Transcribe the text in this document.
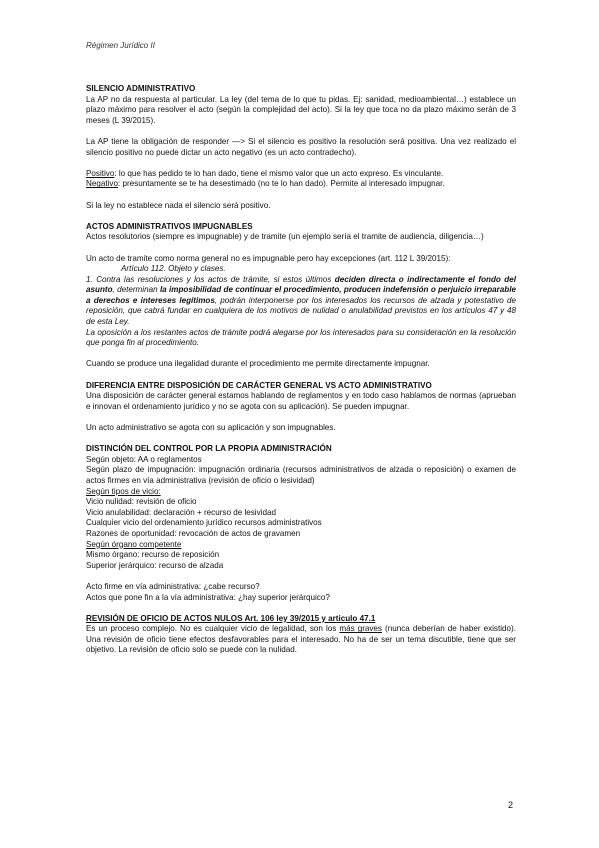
Régimen Jurídico II

SILENCIO ADMINISTRATIVO

La AP no da respuesta al particular. La ley (del tema de lo que tu pidas. Ej: sanidad, medioambiental…) establece un plazo máximo para resolver el acto (según la complejidad del acto). Si la ley que toca no da plazo máximo serán de 3 meses (L 39/2015).

La AP tiene la obligación de responder —> Si el silencio es positivo la resolución será positiva. Una vez realizado el silencio positivo no puede dictar un acto negativo (es un acto contradecho).

Positivo: lo que has pedido te lo han dado, tiene el mismo valor que un acto expreso. Es vinculante.

Negativo: presuntamente se te ha desestimado (no te lo han dado). Permite al interesado impugnar.

Si la ley no establece nada el silencio será positivo.

ACTOS ADMINISTRATIVOS IMPUGNABLES

Actos resolutorios (siempre es impugnable) y de tramite (un ejemplo sería el tramite de audiencia, diligencia…)

Un acto de tramite como norma general no es impugnable pero hay excepciones (art. 112 L 39/2015):

Artículo 112. Objeto y clases.

1. Contra las resoluciones y los actos de trámite, si estos últimos deciden directa o indirectamente el fondo del asunto, determinan la imposibilidad de continuar el procedimiento, producen indefensión o perjuicio irreparable a derechos e intereses legítimos, podrán interponerse por los interesados los recursos de alzada y potestativo de reposición, que cabrá fundar en cualquiera de los motivos de nulidad o anulabilidad previstos en los artículos 47 y 48 de esta Ley.

La oposición a los restantes actos de trámite podrá alegarse por los interesados para su consideración en la resolución que ponga fin al procedimiento.

Cuando se produce una ilegalidad durante el procedimiento me permite directamente impugnar.

DIFERENCIA ENTRE DISPOSICIÓN DE CARÁCTER GENERAL VS ACTO ADMINISTRATIVO

Una disposición de carácter general estamos hablando de reglamentos y en todo caso hablamos de normas (aprueban e innovan el ordenamiento jurídico y no se agota con su aplicación). Se pueden impugnar.

Un acto administrativo se agota con su aplicación y son impugnables.

DISTINCIÓN DEL CONTROL POR LA PROPIA ADMINISTRACIÓN

Según objeto: AA o reglamentos

Según plazo de impugnación: impugnación ordinaria (recursos administrativos de alzada o reposición) o examen de actos firmes en vía administrativa (revisión de oficio o lesividad)

Según tipos de vicio:

Vicio nulidad: revisión de oficio

Vicio anulabilidad: declaración + recurso de lesividad

Cualquier vicio del ordenamiento jurídico recursos administrativos

Razones de oportunidad: revocación de actos de gravamen

Según órgano competente

Mismo órgano: recurso de reposición

Superior jerárquico: recurso de alzada

Acto firme en vía administrativa: ¿cabe recurso?

Actos que pone fin a la vía administrativa: ¿hay superior jerárquico?

REVISIÓN DE OFICIO DE ACTOS NULOS Art. 106 ley 39/2015 y articulo 47.1

Es un proceso complejo. No es cualquier vicio de legalidad, son los más graves (nunca deberían de haber existido). Una revisión de oficio tiene efectos desfavorables para el interesado. No ha de ser un tema discutible, tiene que ser objetivo. La revisión de oficio solo se puede con la nulidad.

2
